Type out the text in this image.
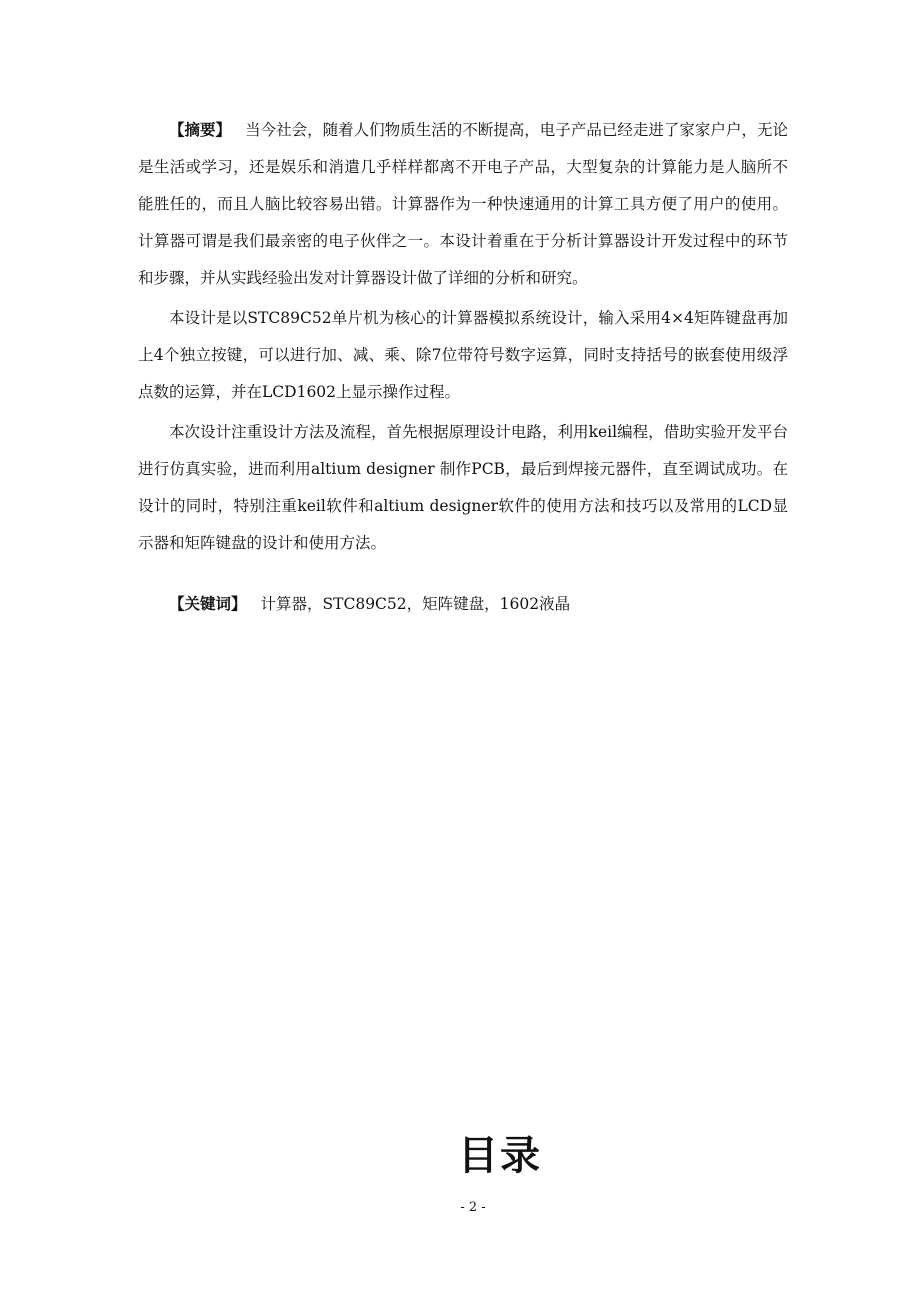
【摘要】 当今社会，随着人们物质生活的不断提高，电子产品已经走进了家家户户，无论是生活或学习，还是娱乐和消遣几乎样样都离不开电子产品，大型复杂的计算能力是人脑所不能胜任的，而且人脑比较容易出错。计算器作为一种快速通用的计算工具方便了用户的使用。计算器可谓是我们最亲密的电子伙伴之一。本设计着重在于分析计算器设计开发过程中的环节和步骤，并从实践经验出发对计算器设计做了详细的分析和研究。

本设计是以STC89C52单片机为核心的计算器模拟系统设计，输入采用4×4矩阵键盘再加上4个独立按键，可以进行加、减、乘、除7位带符号数字运算，同时支持括号的嵌套使用级浮点数的运算，并在LCD1602上显示操作过程。

本次设计注重设计方法及流程，首先根据原理设计电路，利用keil编程，借助实验开发平台进行仿真实验，进而利用altium designer 制作PCB，最后到焊接元器件，直至调试成功。在设计的同时，特别注重keil软件和altium designer软件的使用方法和技巧以及常用的LCD显示器和矩阵键盘的设计和使用方法。

【关键词】 计算器，STC89C52，矩阵键盘，1602液晶
目录
- 2 -
